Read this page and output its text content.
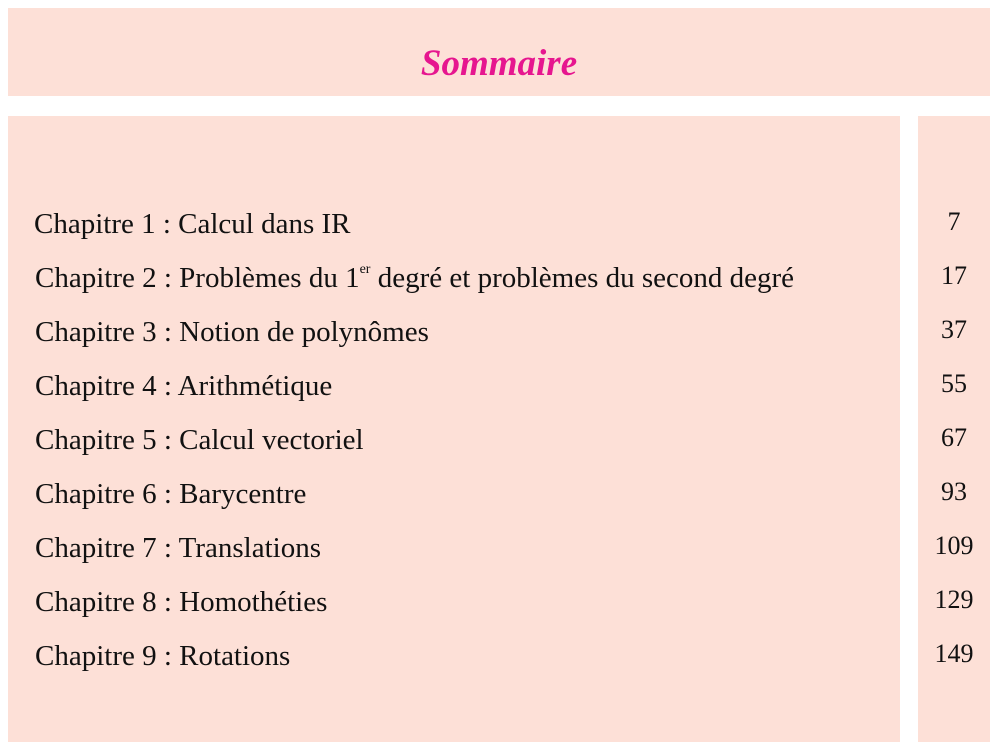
Sommaire
Chapitre 1 : Calcul dans IR
Chapitre 2 : Problèmes du 1er degré et problèmes du second degré
Chapitre 3 : Notion de polynômes
Chapitre 4 : Arithmétique
Chapitre 5 : Calcul vectoriel
Chapitre 6 : Barycentre
Chapitre 7 : Translations
Chapitre 8 : Homothéties
Chapitre 9 : Rotations
7
17
37
55
67
93
109
129
149
